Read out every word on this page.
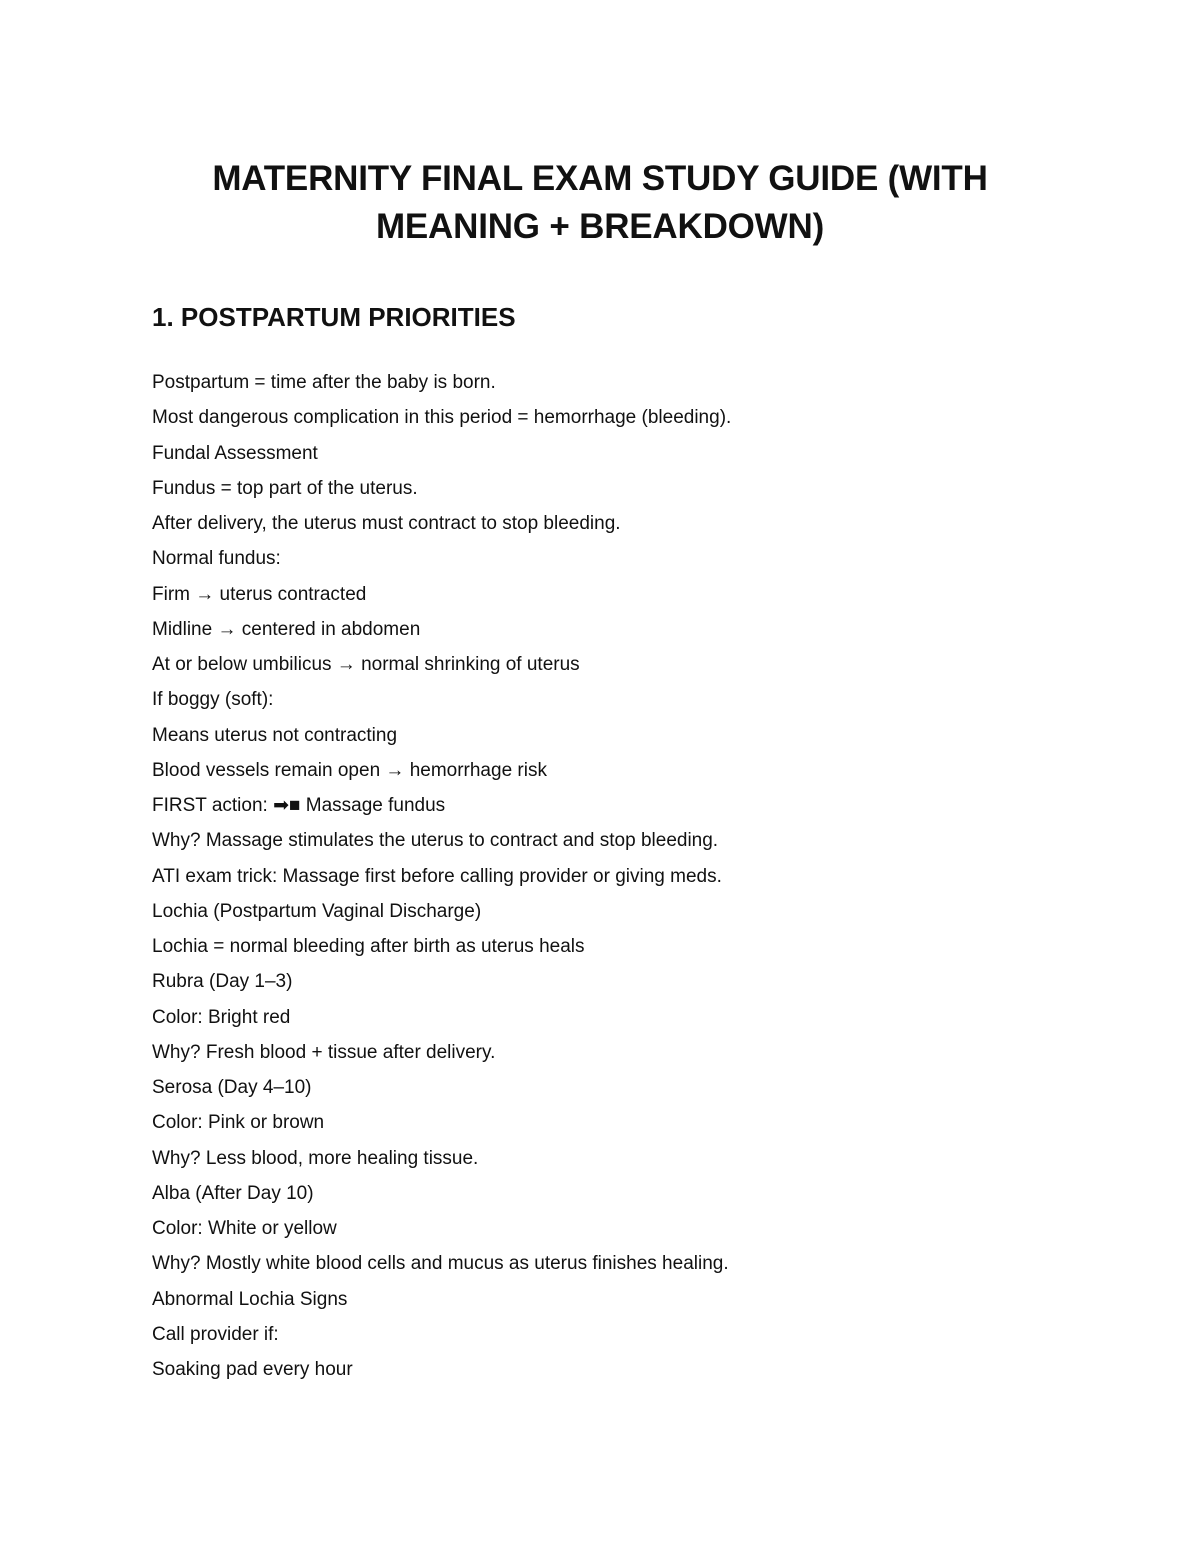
MATERNITY FINAL EXAM STUDY GUIDE (WITH
MEANING + BREAKDOWN)
1. POSTPARTUM PRIORITIES
Postpartum = time after the baby is born.
Most dangerous complication in this period = hemorrhage (bleeding).
Fundal Assessment
Fundus = top part of the uterus.
After delivery, the uterus must contract to stop bleeding.
Normal fundus:
Firm → uterus contracted
Midline → centered in abdomen
At or below umbilicus → normal shrinking of uterus
If boggy (soft):
Means uterus not contracting
Blood vessels remain open → hemorrhage risk
FIRST action: ➡■ Massage fundus
Why? Massage stimulates the uterus to contract and stop bleeding.
ATI exam trick: Massage first before calling provider or giving meds.
Lochia (Postpartum Vaginal Discharge)
Lochia = normal bleeding after birth as uterus heals
Rubra (Day 1–3)
Color: Bright red
Why? Fresh blood + tissue after delivery.
Serosa (Day 4–10)
Color: Pink or brown
Why? Less blood, more healing tissue.
Alba (After Day 10)
Color: White or yellow
Why? Mostly white blood cells and mucus as uterus finishes healing.
Abnormal Lochia Signs
Call provider if:
Soaking pad every hour
